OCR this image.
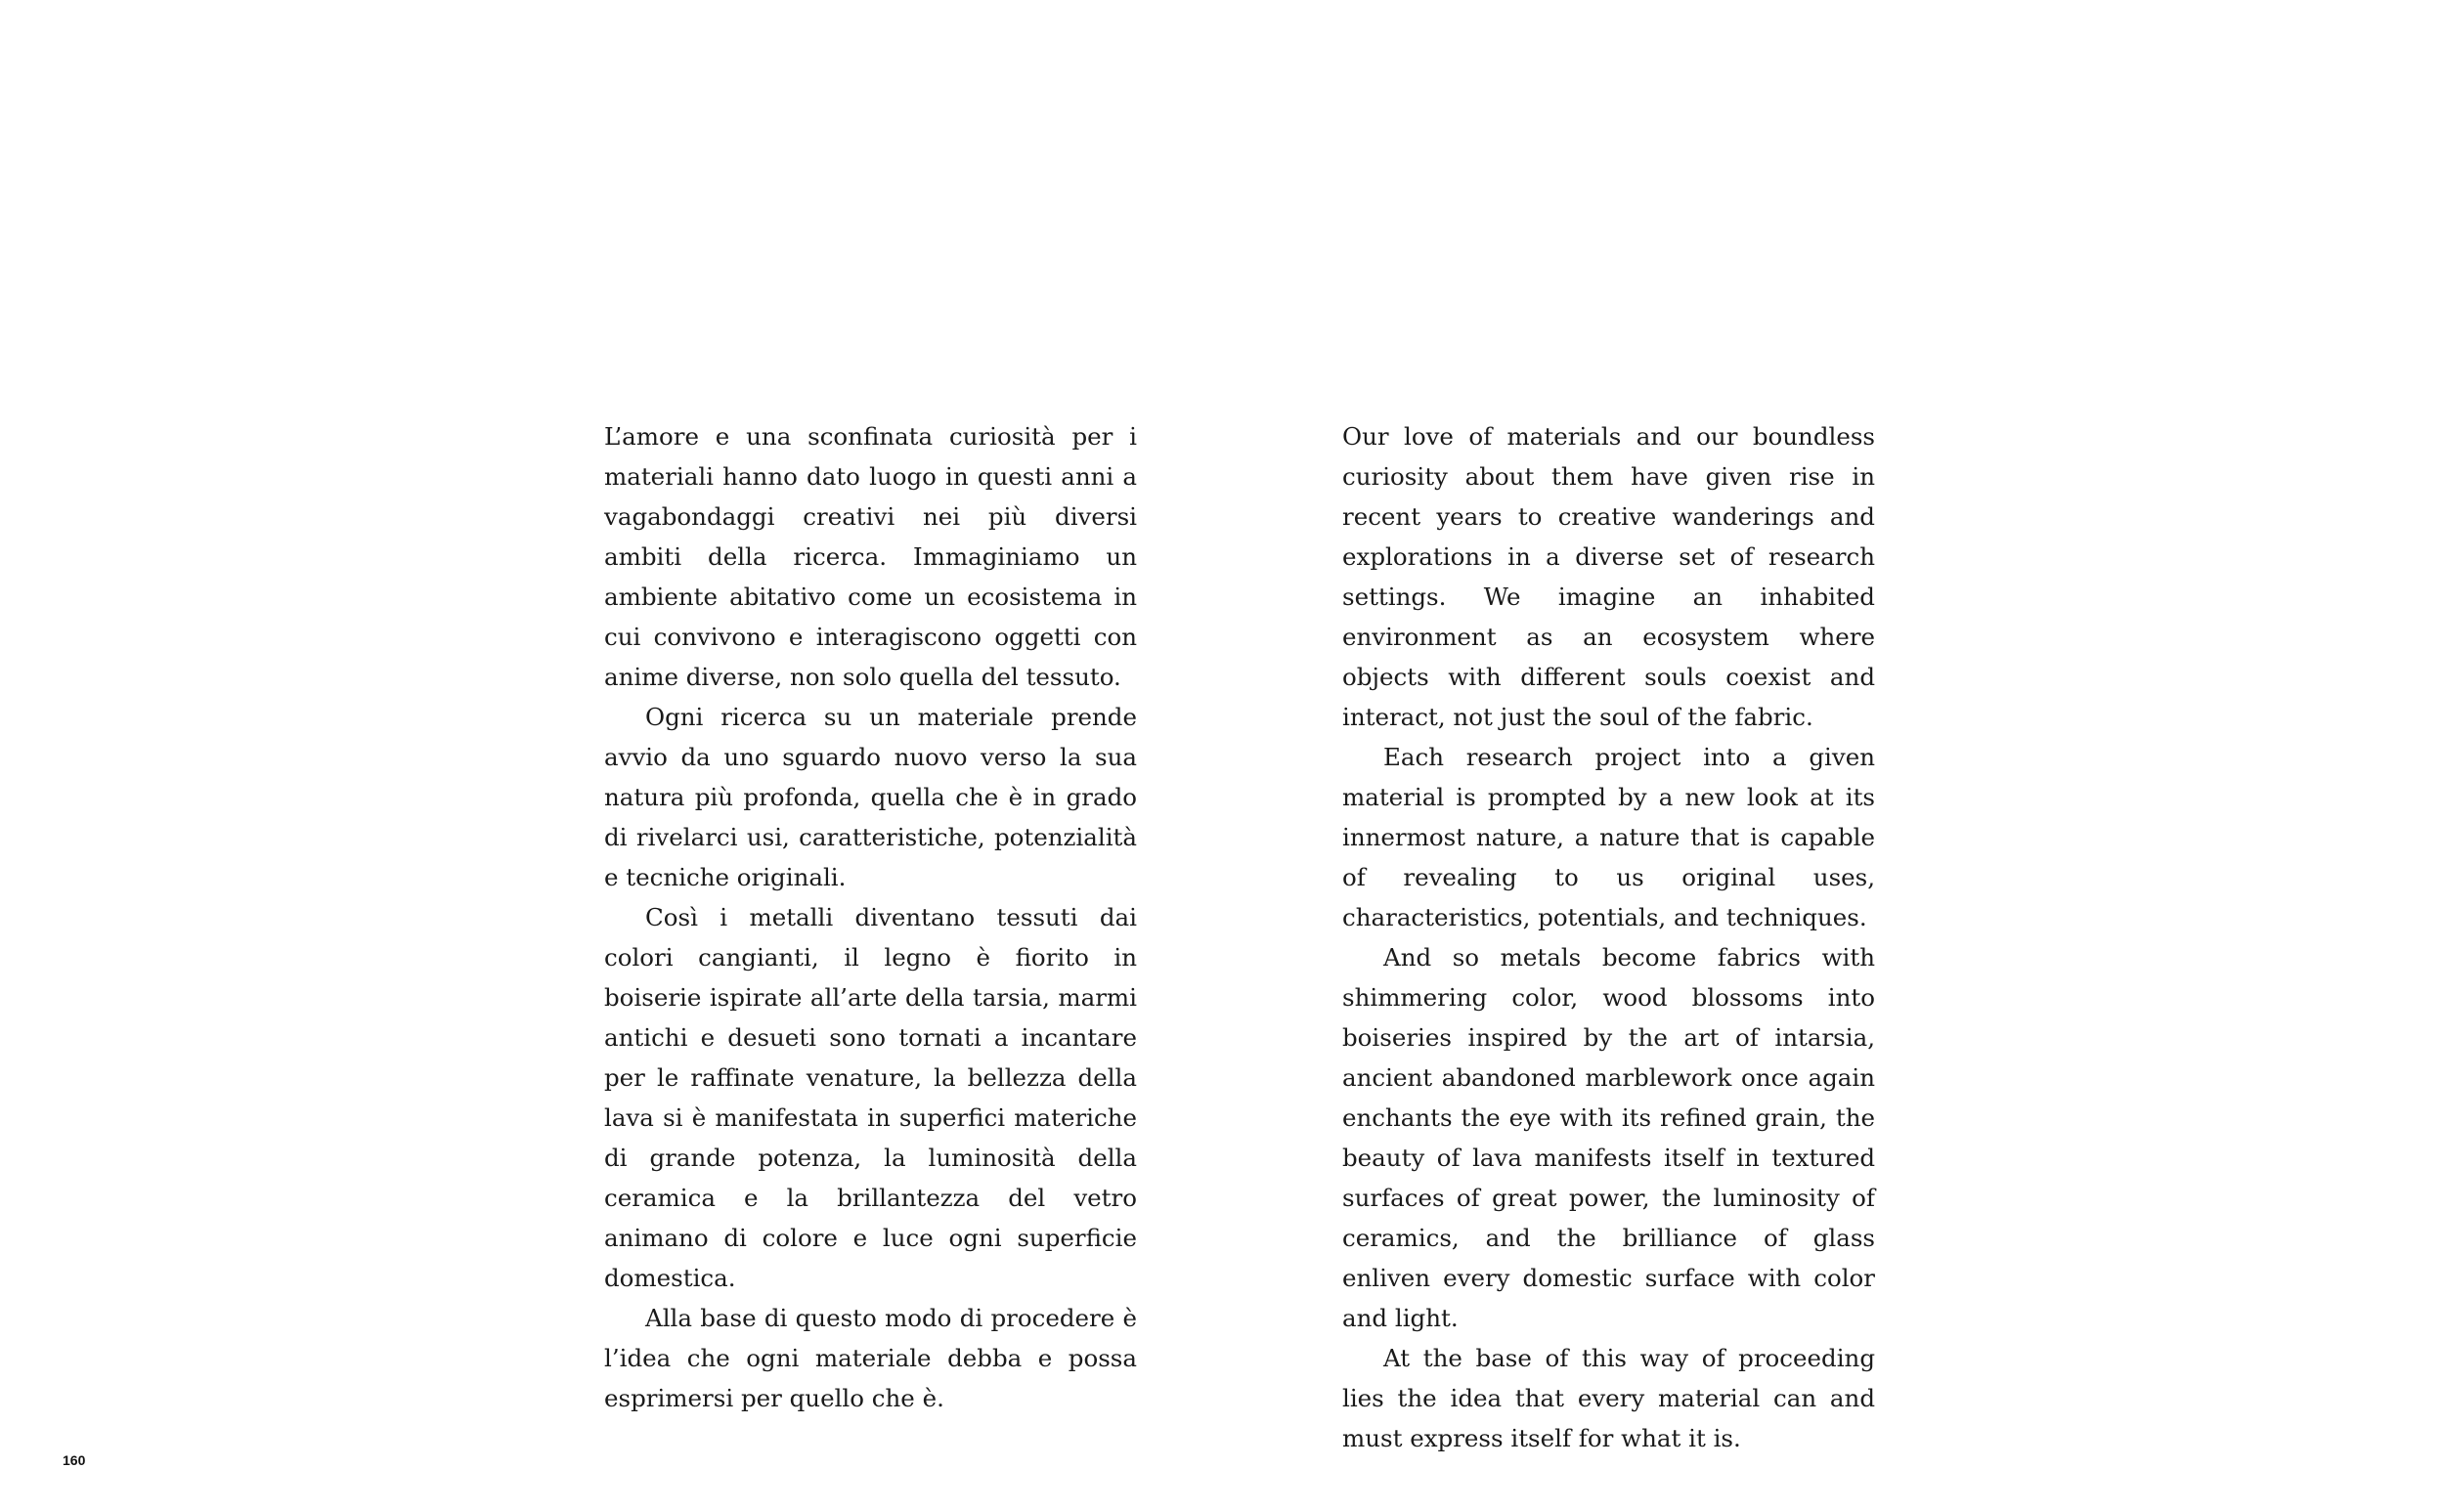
L’amore e una sconfinata curiosità per i materiali hanno dato luogo in questi anni a vagabondaggi creativi nei più diversi ambiti della ricerca. Immaginiamo un ambiente abitativo come un ecosistema in cui convivono e interagiscono oggetti con anime diverse, non solo quella del tessuto.

Ogni ricerca su un materiale prende avvio da uno sguardo nuovo verso la sua natura più profonda, quella che è in grado di rivelarci usi, caratteristiche, potenzialità e tecniche originali.

Così i metalli diventano tessuti dai colori cangianti, il legno è fiorito in boiserie ispirate all’arte della tarsia, marmi antichi e desueti sono tornati a incantare per le raffinate venature, la bellezza della lava si è manifestata in superfici materiche di grande potenza, la luminosità della ceramica e la brillantezza del vetro animano di colore e luce ogni superficie domestica.

Alla base di questo modo di procedere è l’idea che ogni materiale debba e possa esprimersi per quello che è.

Our love of materials and our boundless curiosity about them have given rise in recent years to creative wanderings and explorations in a diverse set of research settings. We imagine an inhabited environment as an ecosystem where objects with different souls coexist and interact, not just the soul of the fabric.

Each research project into a given material is prompted by a new look at its innermost nature, a nature that is capable of revealing to us original uses, characteristics, potentials, and techniques.

And so metals become fabrics with shimmering color, wood blossoms into boiseries inspired by the art of intarsia, ancient abandoned marblework once again enchants the eye with its refined grain, the beauty of lava manifests itself in textured surfaces of great power, the luminosity of ceramics, and the brilliance of glass enliven every domestic surface with color and light.

At the base of this way of proceeding lies the idea that every material can and must express itself for what it is.

160
